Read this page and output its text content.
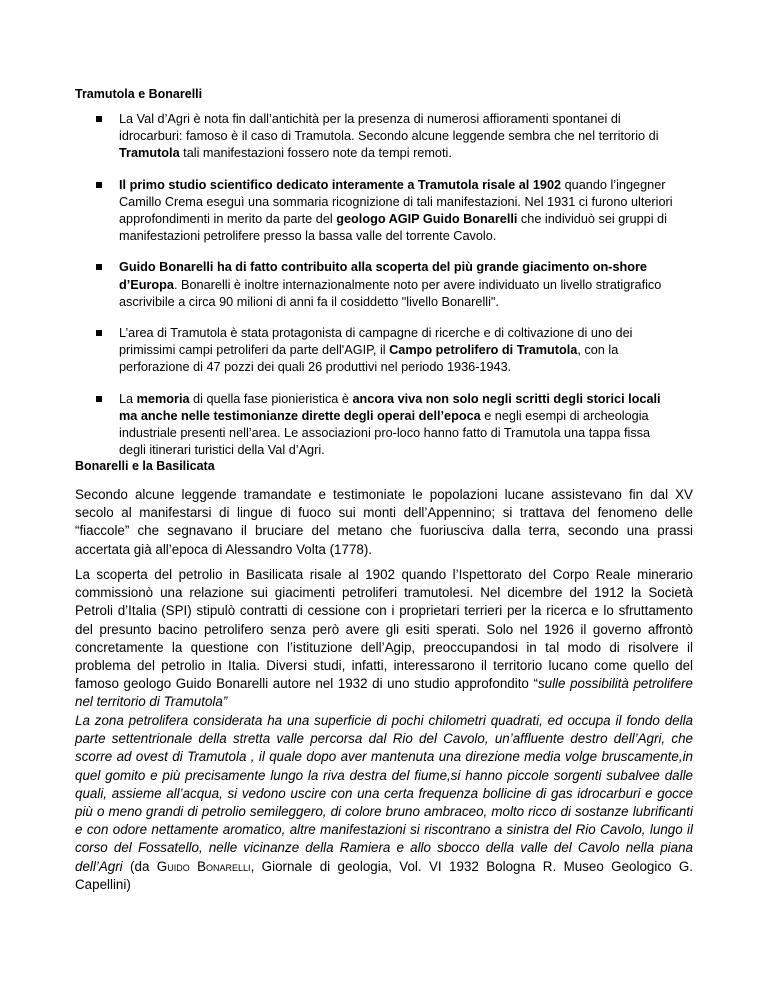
Tramutola e Bonarelli

La Val d’Agri è nota fin dall’antichità per la presenza di numerosi affioramenti spontanei di idrocarburi: famoso è il caso di Tramutola. Secondo alcune leggende sembra che nel territorio di Tramutola tali manifestazioni fossero note da tempi remoti.
Il primo studio scientifico dedicato interamente a Tramutola risale al 1902 quando l’ingegner Camillo Crema eseguì una sommaria ricognizione di tali manifestazioni. Nel 1931 ci furono ulteriori approfondimenti in merito da parte del geologo AGIP Guido Bonarelli che individuò sei gruppi di manifestazioni petrolifere presso la bassa valle del torrente Cavolo.
Guido Bonarelli ha di fatto contribuito alla scoperta del più grande giacimento on-shore d’Europa. Bonarelli è inoltre internazionalmente noto per avere individuato un livello stratigrafico ascrivibile a circa 90 milioni di anni fa il cosiddetto "livello Bonarelli".
L’area di Tramutola è stata protagonista di campagne di ricerche e di coltivazione di uno dei primissimi campi petroliferi da parte dell'AGIP, il Campo petrolifero di Tramutola, con la perforazione di 47 pozzi dei quali 26 produttivi nel periodo 1936-1943.
La memoria di quella fase pionieristica è ancora viva non solo negli scritti degli storici locali ma anche nelle testimonianze dirette degli operai dell’epoca e negli esempi di archeologia industriale presenti nell’area. Le associazioni pro-loco hanno fatto di Tramutola una tappa fissa degli itinerari turistici della Val d’Agri.

Bonarelli e la Basilicata

Secondo alcune leggende tramandate e testimoniate le popolazioni lucane assistevano fin dal XV secolo al manifestarsi di lingue di fuoco sui monti dell’Appennino; si trattava del fenomeno delle “fiaccole” che segnavano il bruciare del metano che fuoriusciva dalla terra, secondo una prassi accertata già all’epoca di Alessandro Volta (1778).

La scoperta del petrolio in Basilicata risale al 1902 quando l’Ispettorato del Corpo Reale minerario commissionò una relazione sui giacimenti petroliferi tramutolesi. Nel dicembre del 1912 la Società Petroli d’Italia (SPI) stipulò contratti di cessione con i proprietari terrieri per la ricerca e lo sfruttamento del presunto bacino petrolifero senza però avere gli esiti sperati. Solo nel 1926 il governo affrontò concretamente la questione con l’istituzione dell’Agip, preoccupandosi in tal modo di risolvere il problema del petrolio in Italia. Diversi studi, infatti, interessarono il territorio lucano come quello del famoso geologo Guido Bonarelli autore nel 1932 di uno studio approfondito “sulle possibilità petrolifere nel territorio di Tramutola”

La zona petrolifera considerata ha una superficie di pochi chilometri quadrati, ed occupa il fondo della parte settentrionale della stretta valle percorsa dal Rio del Cavolo, un’affluente destro dell’Agri, che scorre ad ovest di Tramutola , il quale dopo aver mantenuta una direzione media volge bruscamente,in quel gomito e più precisamente lungo la riva destra del fiume,si hanno piccole sorgenti subalvee dalle quali, assieme all’acqua, si vedono uscire con una certa frequenza bollicine di gas idrocarburi e gocce più o meno grandi di petrolio semileggero, di colore bruno ambraceo, molto ricco di sostanze lubrificanti e con odore nettamente aromatico, altre manifestazioni si riscontrano a sinistra del Rio Cavolo, lungo il corso del Fossatello, nelle vicinanze della Ramiera e allo sbocco della valle del Cavolo nella piana dell’Agri (da Guido Bonarelli, Giornale di geologia, Vol. VI 1932 Bologna R. Museo Geologico G. Capellini)
